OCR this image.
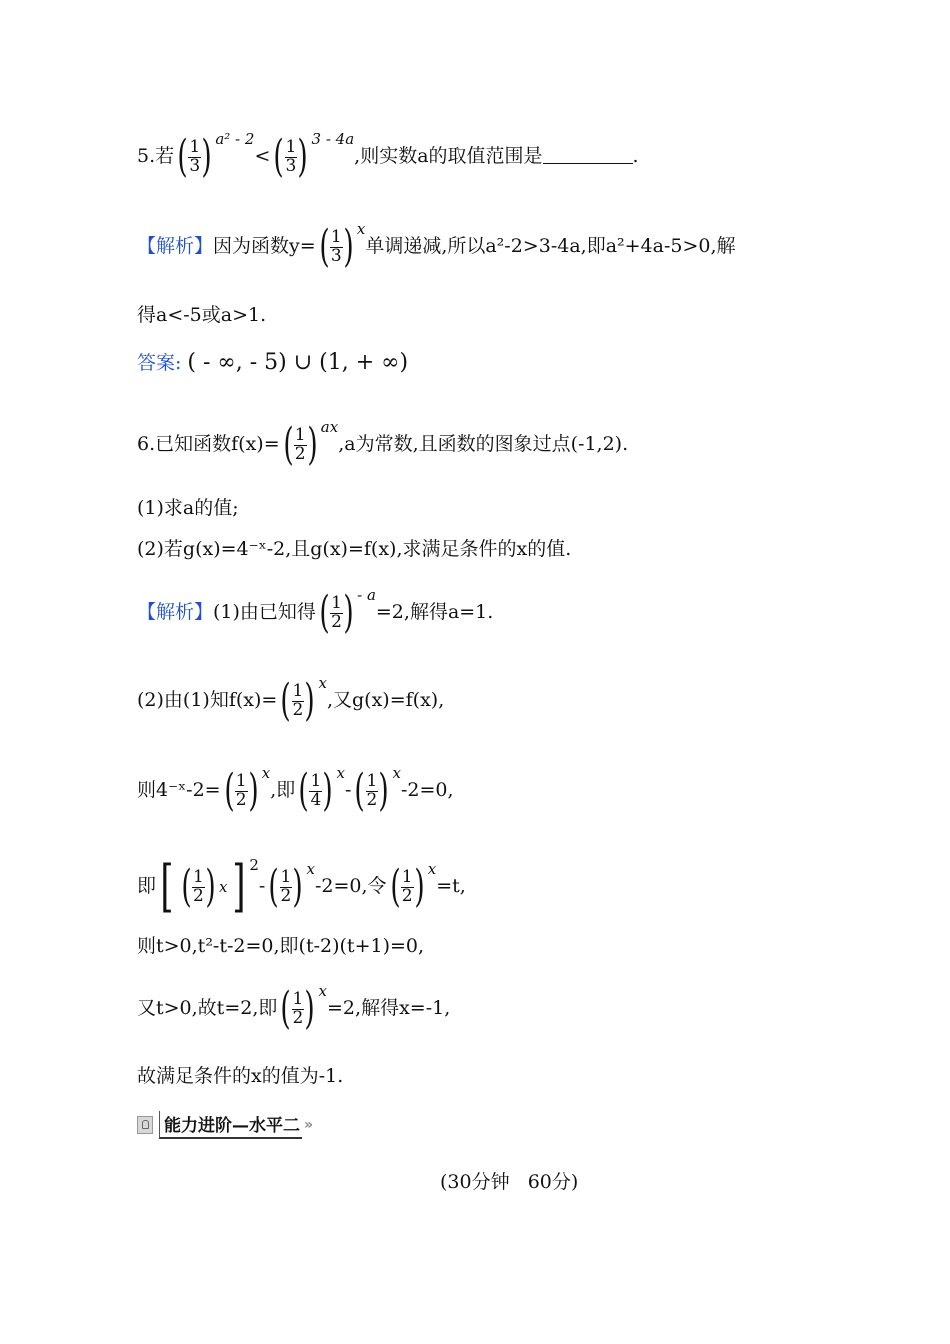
5.若 ( $\frac{1}{3}$ ) $^{a^2 - 2}$< ( $\frac{1}{3}$ ) $^{3 - 4a}$,则实数a的取值范围是	.
【解析】因为函数y= ( $\frac{1}{3}$ ) $^x$单调递减,所以a²-2>3-4a,即a²+4a-5>0,解
得a<-5或a>1.
答案: ( - ∞, - 5) ∪ (1, + ∞)
6.已知函数f(x)= ( $\frac{1}{2}$ ) $^{ax}$,a为常数,且函数的图象过点(-1,2).
(1)求a的值;
(2)若g(x)=4⁻ˣ-2,且g(x)=f(x),求满足条件的x的值.
【解析】(1)由已知得 ( $\frac{1}{2}$ ) $^{- a}$=2,解得a=1.
(2)由(1)知f(x)= ( $\frac{1}{2}$ ) $^x$,又g(x)=f(x),
则4⁻ˣ-2= ( $\frac{1}{2}$ ) $^x$,即 ( $\frac{1}{4}$ ) $^x$- ( $\frac{1}{2}$ ) $^x$-2=0,
即 [ ( $\frac{1}{2}$ ) x ] $^2$- ( $\frac{1}{2}$ ) $^x$-2=0,令 ( $\frac{1}{2}$ ) $^x$=t,
则t>0,t²-t-2=0,即(t-2)(t+1)=0,
又t>0,故t=2,即 ( $\frac{1}{2}$ ) $^x$=2,解得x=-1,
故满足条件的x的值为-1.
能力进阶—水平二 »
(30分钟   60分)
